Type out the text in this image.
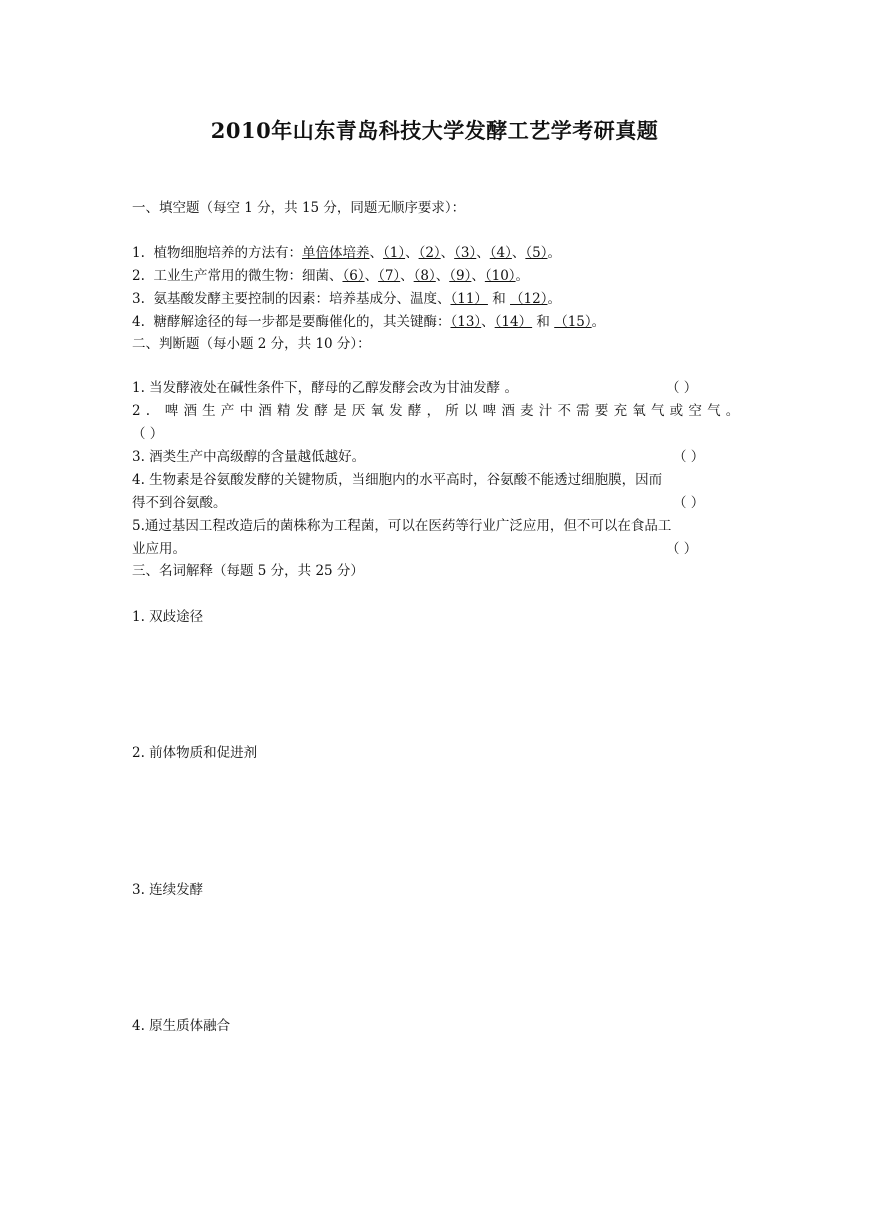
2010年山东青岛科技大学发酵工艺学考研真题
一、填空题（每空 1 分，共 15 分，同题无顺序要求）：
1. 植物细胞培养的方法有：单倍体培养、（1）、（2）、（3）、（4）、（5）。
2. 工业生产常用的微生物：细菌、（6）、（7）、（8）、（9）、（10）。
3. 氨基酸发酵主要控制的因素：培养基成分、温度、（11） 和 （12）。
4. 糖酵解途径的每一步都是要酶催化的，其关键酶：（13）、（14） 和 （15）。
二、判断题（每小题 2 分，共 10 分）：
1. 当发酵液处在碱性条件下，酵母的乙醇发酵会改为甘油发酵 。	（ ）
2. 啤酒生产中酒精发酵是厌氧发酵，所以啤酒麦汁不需要充氧气或空气。
（ ）
3. 酒类生产中高级醇的含量越低越好。	（ ）
4. 生物素是谷氨酸发酵的关键物质，当细胞内的水平高时，谷氨酸不能透过细胞膜，因而
得不到谷氨酸。	（ ）
5.通过基因工程改造后的菌株称为工程菌，可以在医药等行业广泛应用，但不可以在食品工
业应用。	（ ）
三、名词解释（每题 5 分，共 25 分）
1. 双歧途径
2. 前体物质和促进剂
3. 连续发酵
4. 原生质体融合
